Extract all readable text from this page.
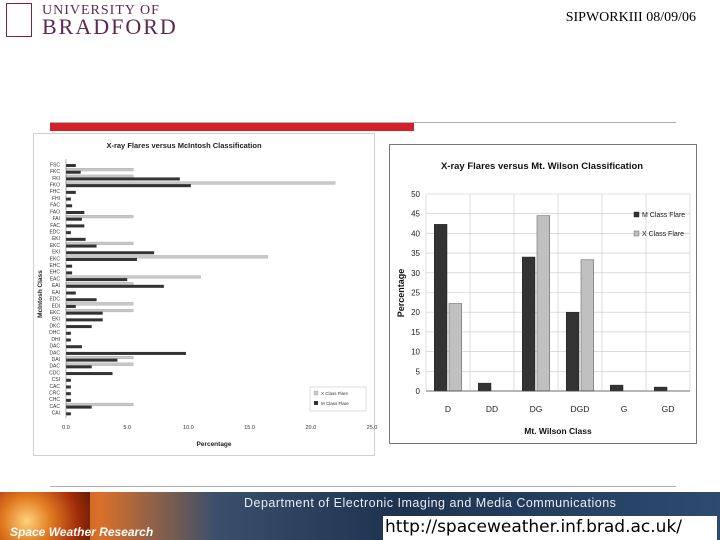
UNIVERSITY OF
BRADFORD	SIPWORKIII 08/09/06
X-ray Flares versus McIntosh Classification
McIntosh Class
Percentage
0.0	5.0	10.0	15.0	20.0	25.0
FSC
FKC
FKI
FKO
FHC
FHI
FAC
FAO
FAI
FAC
EDC
EKI
EKC
EKI
EKC
EHC
EHC
EAC
EAI
EAI
EDC
EDI
EKC
EKI
DKC
DHC
DHI
DAC
DAC
DAI
DAC
CDC
CSI
CAC
CRC
CHC
CAC
CAI
X Class Flare
M Class Flare
X-ray Flares versus Mt. Wilson Classification
Percentage
Mt. Wilson Class
0
5
10
15
20
25
30
35
40
45
50
D	DD	DG	DGD	G	GD
M Class Flare
X Class Flare
Department of Electronic Imaging and Media Communications
Space Weather Research	http://spaceweather.inf.brad.ac.uk/
